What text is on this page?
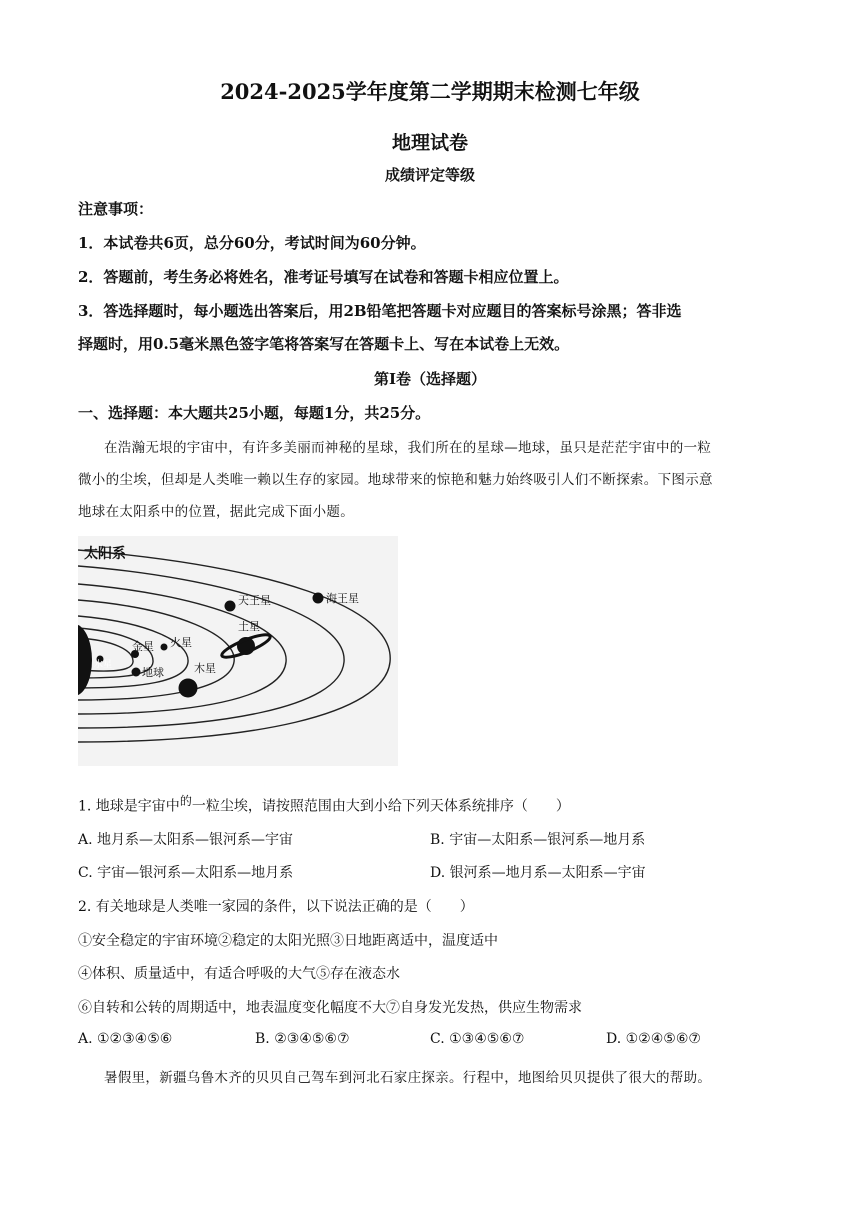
2024-2025学年度第二学期期末检测七年级
地理试卷
成绩评定等级
注意事项：
1．本试卷共6页，总分60分，考试时间为60分钟。
2．答题前，考生务必将姓名，准考证号填写在试卷和答题卡相应位置上。
3．答选择题时，每小题选出答案后，用2B铅笔把答题卡对应题目的答案标号涂黑；答非选
择题时，用0.5毫米黑色签字笔将答案写在答题卡上、写在本试卷上无效。
第Ⅰ卷（选择题）
一、选择题：本大题共25小题，每题1分，共25分。
在浩瀚无垠的宇宙中，有许多美丽而神秘的星球，我们所在的星球—地球，虽只是茫茫宇宙中的一粒
微小的尘埃，但却是人类唯一赖以生存的家园。地球带来的惊艳和魅力始终吸引人们不断探索。下图示意
地球在太阳系中的位置，据此完成下面小题。
太阳系
水星
金星
地球
火星
木星
土星
天王星	海王星
1. 地球是宇宙中$^的$一粒尘埃，请按照范围由大到小给下列天体系统排序（　　）
A. 地月系—太阳系—银河系—宇宙	B. 宇宙—太阳系—银河系—地月系
C. 宇宙—银河系—太阳系—地月系	D. 银河系—地月系—太阳系—宇宙
2. 有关地球是人类唯一家园的条件，以下说法正确的是（　　）
①安全稳定的宇宙环境②稳定的太阳光照③日地距离适中，温度适中
④体积、质量适中，有适合呼吸的大气⑤存在液态水
⑥自转和公转的周期适中，地表温度变化幅度不大⑦自身发光发热，供应生物需求
A. ①②③④⑤⑥	B. ②③④⑤⑥⑦	C. ①③④⑤⑥⑦	D. ①②④⑤⑥⑦
暑假里，新疆乌鲁木齐的贝贝自己驾车到河北石家庄探亲。行程中，地图给贝贝提供了很大的帮助。
